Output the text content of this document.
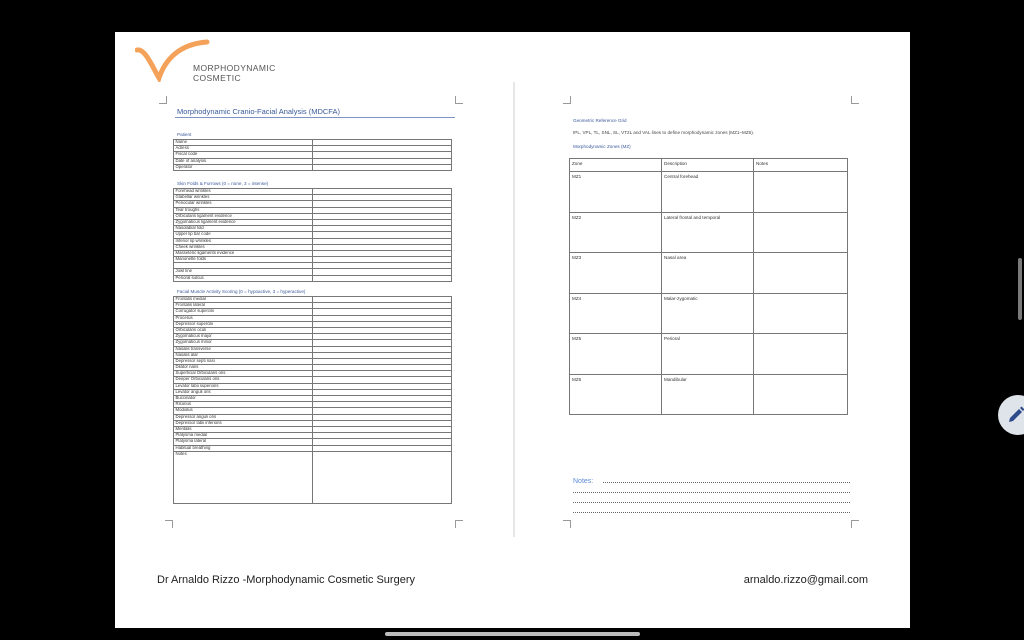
MORPHODYNAMIC
COSMETIC
Morphodynamic Cranio-Facial Analysis (MDCFA)
Patient
Name	
Adress	
Fiscal code	
Date of analysis	
Operator	
Skin Folds & Furrows (0 = none, 3 = intense)
Forehead wrinkles	
Glabellar wrinkles	
Periocular wrinkles	
Tear troughs	
Orbicularis ligament evidence	
Zygomaticus ligament evidence	
Nasolabial fold	
Upper lip bar code	
Inferior lip wrinkles	
Cheek wrinkles	
Masseteric ligaments evidence	
Marionette folds	

Jowl line	
Perioral sulcus	
Facial Muscle Activity Scoring (0 = hypoactive, 3 = hyperactive)
Frontalis medial	
Frontalis lateral	
Corrugator supercilii	
Procerus	
Depressor supercilii	
Orbicularis oculi	
Zygomaticus major	
Zygomaticus minor	
Nasalis transverse	
Nasalis alar	
Depressor septi nasi	
Dilator naris	
Superficial Orbicularis oris	
Deeper Orbicularis oris	
Levator labii superioris	
Levator anguli oris	
Buccinator	
Risorius	
Modiolus	
Depressor anguli oris	
Depressor labii inferioris	
Mentalis	
Platysma medial	
Platysma lateral	
Habitual breathing	
Notes	
Geometric Reference Grid
IPL, VPL, TL, SNL, SL, VT2L and VAL lines to define morphodynamic zones (MZ1–MZ6).
Morphodynamic Zones (MZ)
Zone	Description	Notes
MZ1	Central forehead	
MZ2	Lateral frontal and temporal	
MZ3	Nasal area	
MZ4	Malar-zygomatic	
MZ5	Perioral	
MZ6	Mandibular	
Notes:
Dr Arnaldo Rizzo -Morphodynamic Cosmetic Surgery	arnaldo.rizzo@gmail.com
